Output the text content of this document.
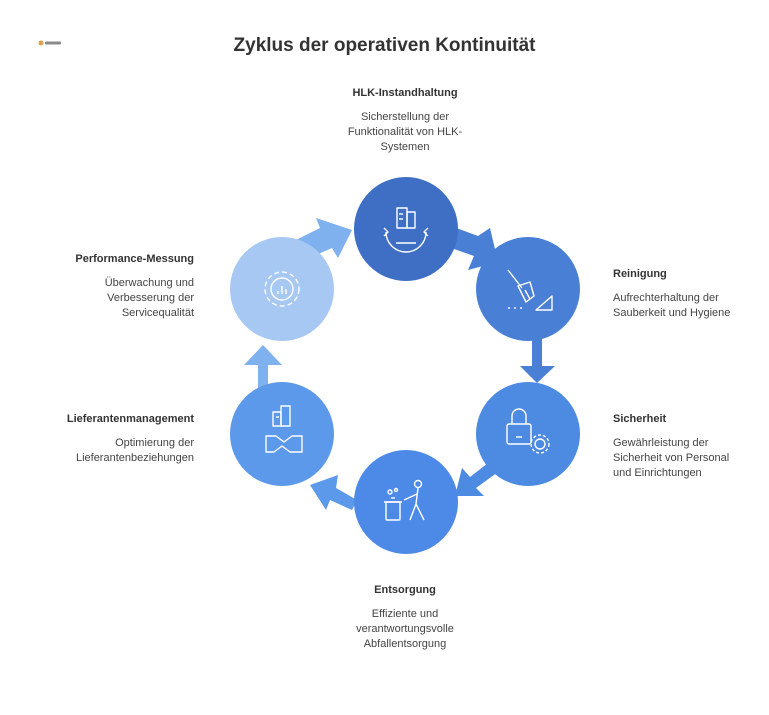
Zyklus der operativen Kontinuität
HLK-Instandhaltung
Sicherstellung der
Funktionalität von HLK-
Systemen
Reinigung
Aufrechterhaltung der
Sauberkeit und Hygiene
Sicherheit
Gewährleistung der
Sicherheit von Personal
und Einrichtungen
Entsorgung
Effiziente und
verantwortungsvolle
Abfallentsorgung
Lieferantenmanagement
Optimierung der
Lieferantenbeziehungen
Performance-Messung
Überwachung und
Verbesserung der
Servicequalität
